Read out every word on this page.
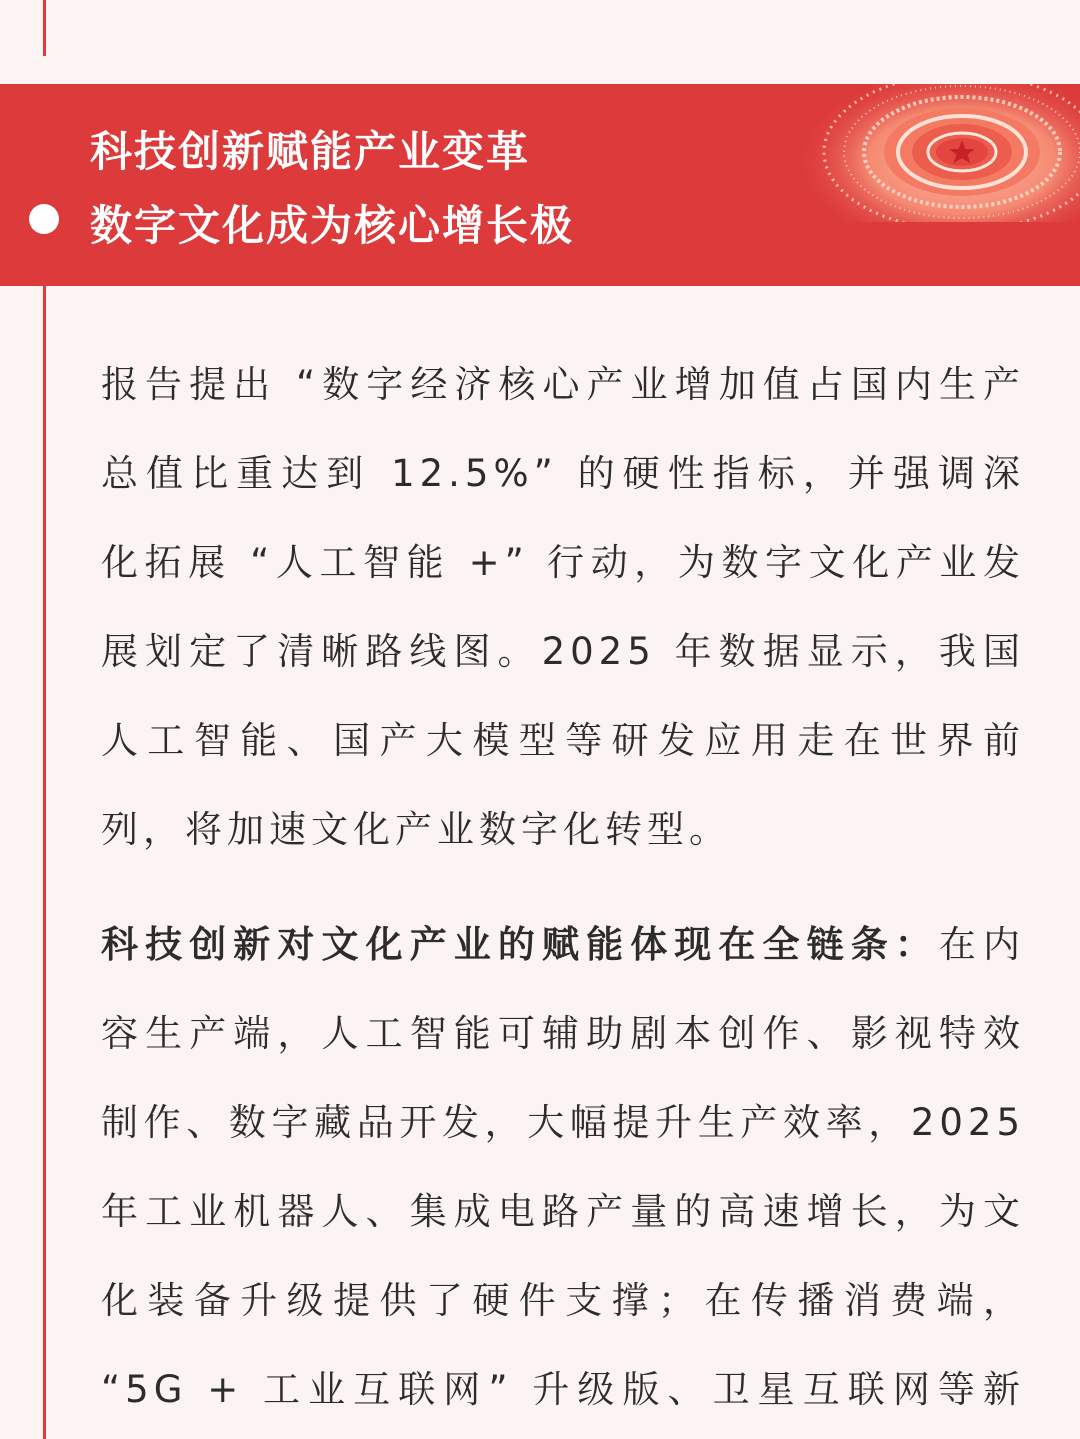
科技创新赋能产业变革
数字文化成为核心增长极
报告提出 “数字经济核心产业增加值占国内生产
总值比重达到 12.5%” 的硬性指标，并强调深
化拓展 “人工智能 +” 行动，为数字文化产业发
展划定了清晰路线图。2025 年数据显示，我国
人工智能、国产大模型等研发应用走在世界前
列，将加速文化产业数字化转型。
科技创新对文化产业的赋能体现在全链条：在内
容生产端，人工智能可辅助剧本创作、影视特效
制作、数字藏品开发，大幅提升生产效率，2025
年工业机器人、集成电路产量的高速增长，为文
化装备升级提供了硬件支撑；在传播消费端，
“5G + 工业互联网” 升级版、卫星互联网等新
